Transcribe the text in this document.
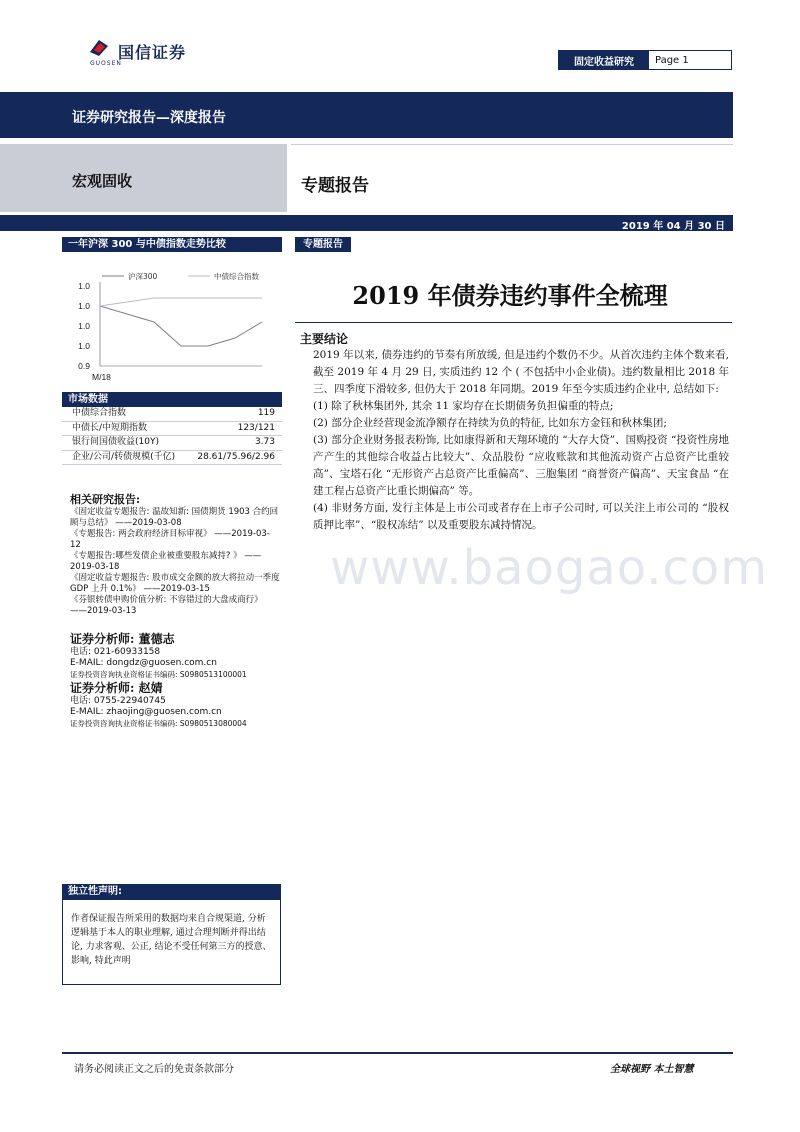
国信证券
GUOSEN	固定收益研究	Page 1
证券研究报告—深度报告
宏观固收	专题报告
2019 年 04 月 30 日
一年沪深 300 与中债指数走势比较
1.0
1.0
1.0
1.0
0.9
M/18
沪深300	中债综合指数
市场数据
中债综合指数	119
中债长/中短期指数	123/121
银行间国债收益(10Y)	3.73
企业/公司/转债规模(千亿) 28.61/75.96/2.96
相关研究报告:
《固定收益专题报告: 温故知新: 国债期货 1903 合约回顾与总结》 ——2019-03-08
《专题报告: 两会政府经济目标审视》 ——2019-03-12
《专题报告:哪些发债企业被重要股东减持? 》 ——2019-03-18
《固定收益专题报告: 股市成交金额的放大将拉动一季度 GDP 上升 0.1%》 ——2019-03-15
《芬银转债申购价值分析: 不容错过的大盘成商行》 ——2019-03-13
证券分析师: 董德志
电话: 021-60933158
E-MAIL: dongdz@guosen.com.cn
证券投资咨询执业资格证书编码: S0980513100001
证券分析师: 赵婧
电话: 0755-22940745
E-MAIL: zhaojing@guosen.com.cn
证券投资咨询执业资格证书编码: S0980513080004
独立性声明:
作者保证报告所采用的数据均来自合规渠道, 分析逻辑基于本人的职业理解, 通过合理判断并得出结论, 力求客观、公正, 结论不受任何第三方的授意、影响, 特此声明
www.baogao.com
专题报告
2019 年债券违约事件全梳理
主要结论

2019 年以来, 债券违约的节奏有所放缓, 但是违约个数仍不少。从首次违约主体个数来看, 截至 2019 年 4 月 29 日, 实质违约 12 个 ( 不包括中小企业债)。违约数量相比 2018 年三、四季度下滑较多, 但仍大于 2018 年同期。2019 年至今实质违约企业中, 总结如下:

(1) 除了秋林集团外, 其余 11 家均存在长期债务负担偏重的特点;

(2) 部分企业经营现金流净额存在持续为负的特征, 比如东方金钰和秋林集团;

(3) 部分企业财务报表粉饰, 比如康得新和天翔环境的 “大存大贷”、国购投资 “投资性房地产产生的其他综合收益占比较大”、众品股份 “应收账款和其他流动资产占总资产比重较高”、宝塔石化 “无形资产占总资产比重偏高”、三胞集团 “商誉资产偏高”、天宝食品 “在建工程占总资产比重长期偏高” 等。

(4) 非财务方面, 发行主体是上市公司或者存在上市子公司时, 可以关注上市公司的 “股权质押比率”、“股权冻结” 以及重要股东减持情况。

请务必阅读正文之后的免责条款部分	全球视野 本土智慧
